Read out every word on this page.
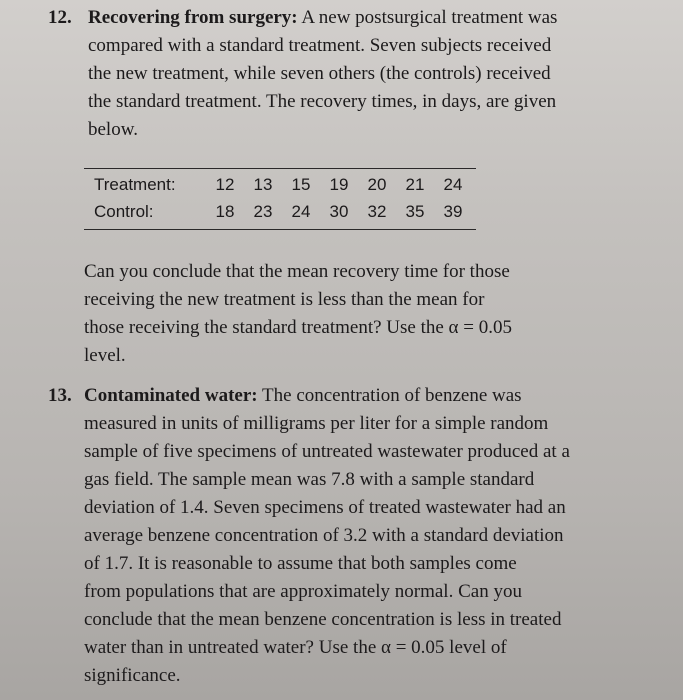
12. Recovering from surgery: A new postsurgical treatment was
compared with a standard treatment. Seven subjects received
the new treatment, while seven others (the controls) received
the standard treatment. The recovery times, in days, are given
below.
Treatment:	12	13	15	19	20	21	24
Control:	18	23	24	30	32	35	39
Can you conclude that the mean recovery time for those
receiving the new treatment is less than the mean for
those receiving the standard treatment? Use the α = 0.05
level.
13. Contaminated water: The concentration of benzene was
measured in units of milligrams per liter for a simple random
sample of five specimens of untreated wastewater produced at a
gas field. The sample mean was 7.8 with a sample standard
deviation of 1.4. Seven specimens of treated wastewater had an
average benzene concentration of 3.2 with a standard deviation
of 1.7. It is reasonable to assume that both samples come
from populations that are approximately normal. Can you
conclude that the mean benzene concentration is less in treated
water than in untreated water? Use the α = 0.05 level of
significance.
